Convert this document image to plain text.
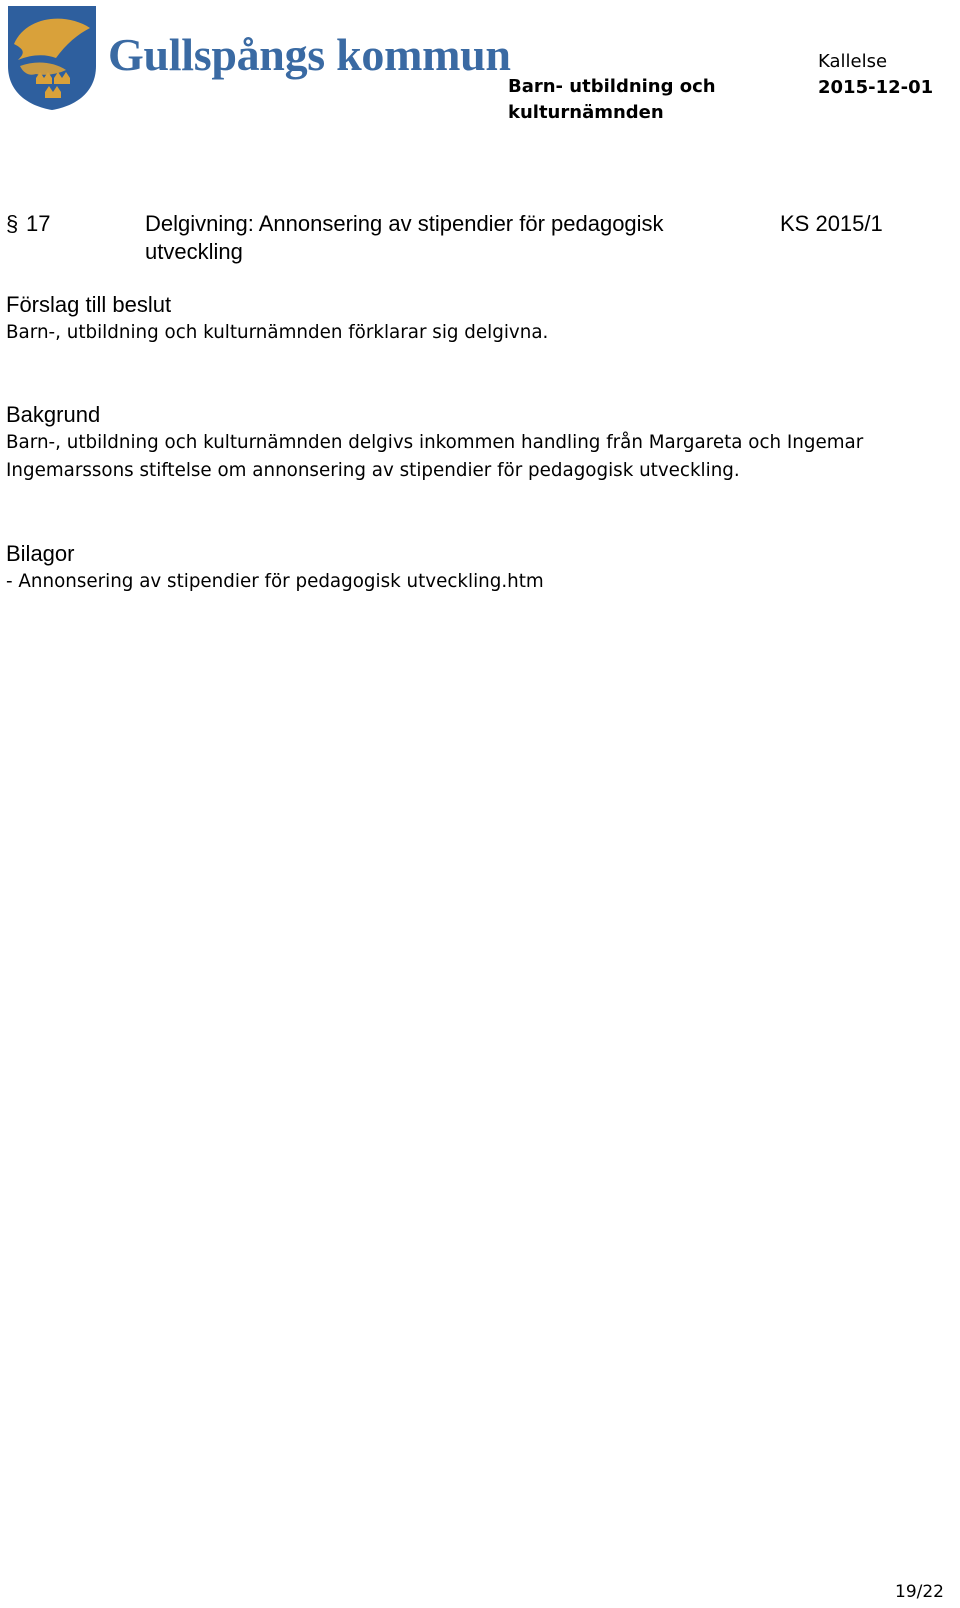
Gullspångs kommun
Barn- utbildning och kulturnämnden
Kallelse
2015-12-01
§ 17	Delgivning: Annonsering av stipendier för pedagogisk utveckling
KS 2015/1
Förslag till beslut
Barn-, utbildning och kulturnämnden förklarar sig delgivna.
Bakgrund
Barn-, utbildning och kulturnämnden delgivs inkommen handling från Margareta och Ingemar Ingemarssons stiftelse om annonsering av stipendier för pedagogisk utveckling.
Bilagor
- Annonsering av stipendier för pedagogisk utveckling.htm
19/22
